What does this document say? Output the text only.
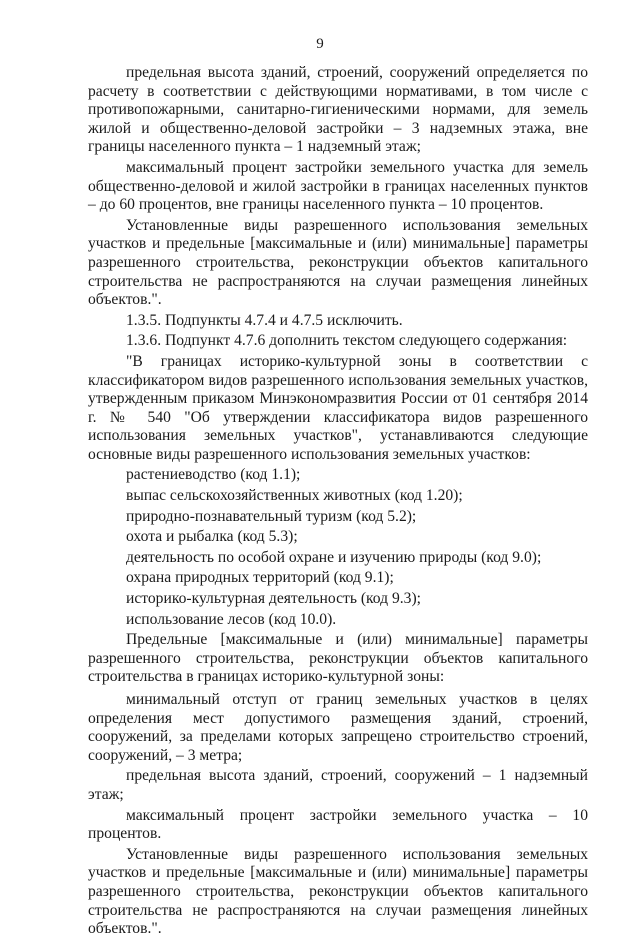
9

предельная высота зданий, строений, сооружений определяется по расчету в соответствии с действующими нормативами, в том числе с противопожарными, санитарно-гигиеническими нормами, для земель жилой и общественно-деловой застройки – 3 надземных этажа, вне границы населенного пункта – 1 надземный этаж;

максимальный процент застройки земельного участка для земель общественно-деловой и жилой застройки в границах населенных пунктов – до 60 процентов, вне границы населенного пункта – 10 процентов.

Установленные виды разрешенного использования земельных участков и предельные [максимальные и (или) минимальные] параметры разрешенного строительства, реконструкции объектов капитального строительства не распространяются на случаи размещения линейных объектов.".

1.3.5. Подпункты 4.7.4 и 4.7.5 исключить.

1.3.6. Подпункт 4.7.6 дополнить текстом следующего содержания:

"В границах историко-культурной зоны в соответствии с классификатором видов разрешенного использования земельных участков, утвержденным приказом Минэкономразвития России от 01 сентября 2014 г. № 540 "Об утверждении классификатора видов разрешенного использования земельных участков", устанавливаются следующие основные виды разрешенного использования земельных участков:

растениеводство (код 1.1);

выпас сельскохозяйственных животных (код 1.20);

природно-познавательный туризм (код 5.2);

охота и рыбалка (код 5.3);

деятельность по особой охране и изучению природы (код 9.0);

охрана природных территорий (код 9.1);

историко-культурная деятельность (код 9.3);

использование лесов (код 10.0).

Предельные [максимальные и (или) минимальные] параметры разрешенного строительства, реконструкции объектов капитального строительства в границах историко-культурной зоны:

минимальный отступ от границ земельных участков в целях определения мест допустимого размещения зданий, строений, сооружений, за пределами которых запрещено строительство строений, сооружений, – 3 метра;

предельная высота зданий, строений, сооружений – 1 надземный этаж;

максимальный процент застройки земельного участка – 10 процентов.

Установленные виды разрешенного использования земельных участков и предельные [максимальные и (или) минимальные] параметры разрешенного строительства, реконструкции объектов капитального строительства не распространяются на случаи размещения линейных объектов.".
